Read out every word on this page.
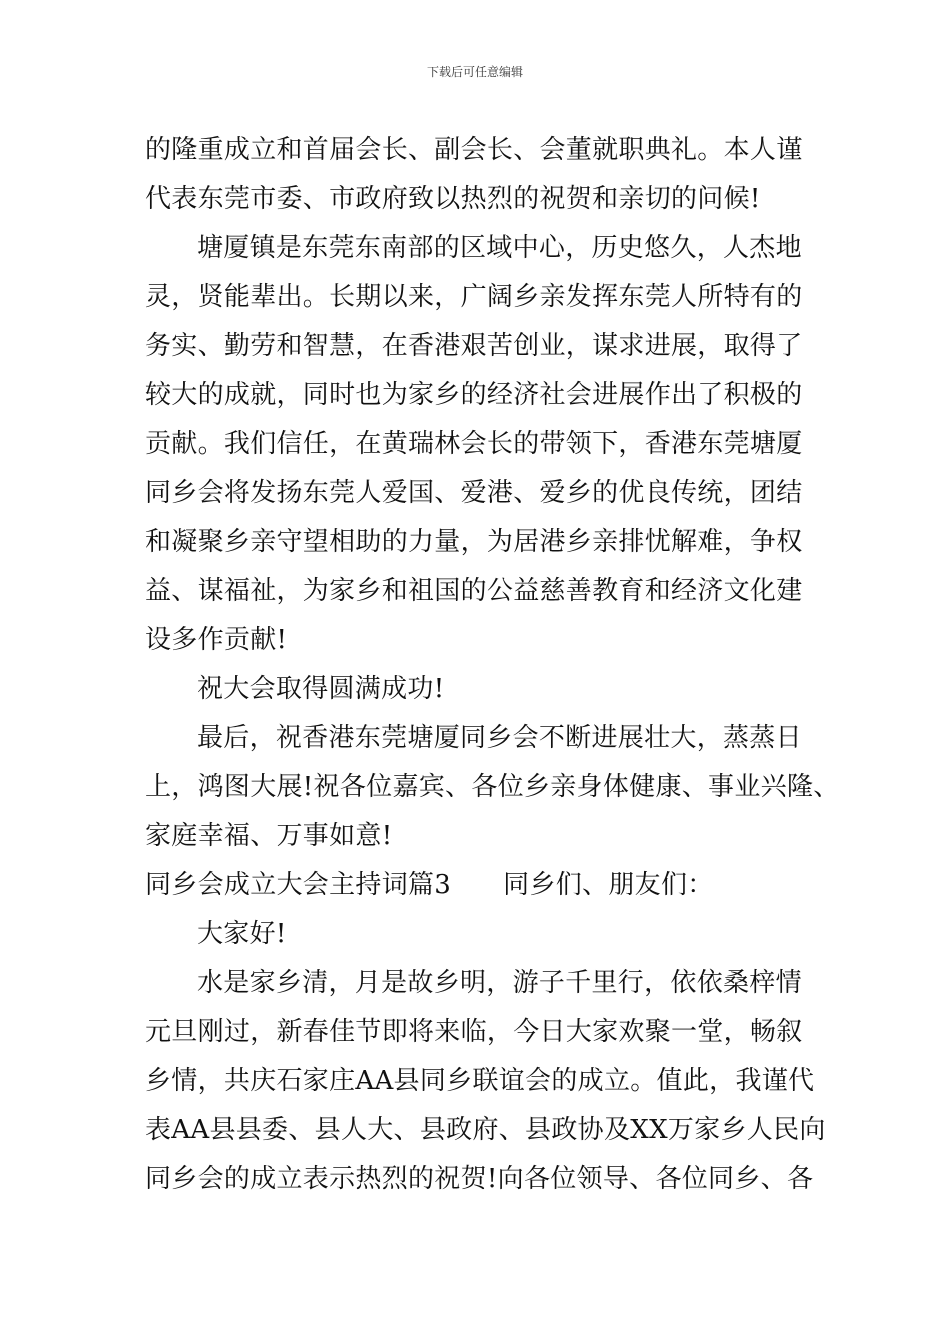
下载后可任意编辑
的隆重成立和首届会长、副会长、会董就职典礼。本人谨
代表东莞市委、市政府致以热烈的祝贺和亲切的问候!
塘厦镇是东莞东南部的区域中心，历史悠久，人杰地
灵，贤能辈出。长期以来，广阔乡亲发挥东莞人所特有的
务实、勤劳和智慧，在香港艰苦创业，谋求进展，取得了
较大的成就，同时也为家乡的经济社会进展作出了积极的
贡献。我们信任，在黄瑞林会长的带领下，香港东莞塘厦
同乡会将发扬东莞人爱国、爱港、爱乡的优良传统，团结
和凝聚乡亲守望相助的力量，为居港乡亲排忧解难，争权
益、谋福祉，为家乡和祖国的公益慈善教育和经济文化建
设多作贡献!
祝大会取得圆满成功!
最后，祝香港东莞塘厦同乡会不断进展壮大，蒸蒸日
上，鸿图大展!祝各位嘉宾、各位乡亲身体健康、事业兴隆、
家庭幸福、万事如意!
同乡会成立大会主持词篇3 同乡们、朋友们：
大家好!
水是家乡清，月是故乡明，游子千里行，依依桑梓情
元旦刚过，新春佳节即将来临，今日大家欢聚一堂，畅叙
乡情，共庆石家庄AA县同乡联谊会的成立。值此，我谨代
表AA县县委、县人大、县政府、县政协及XX万家乡人民向
同乡会的成立表示热烈的祝贺!向各位领导、各位同乡、各
